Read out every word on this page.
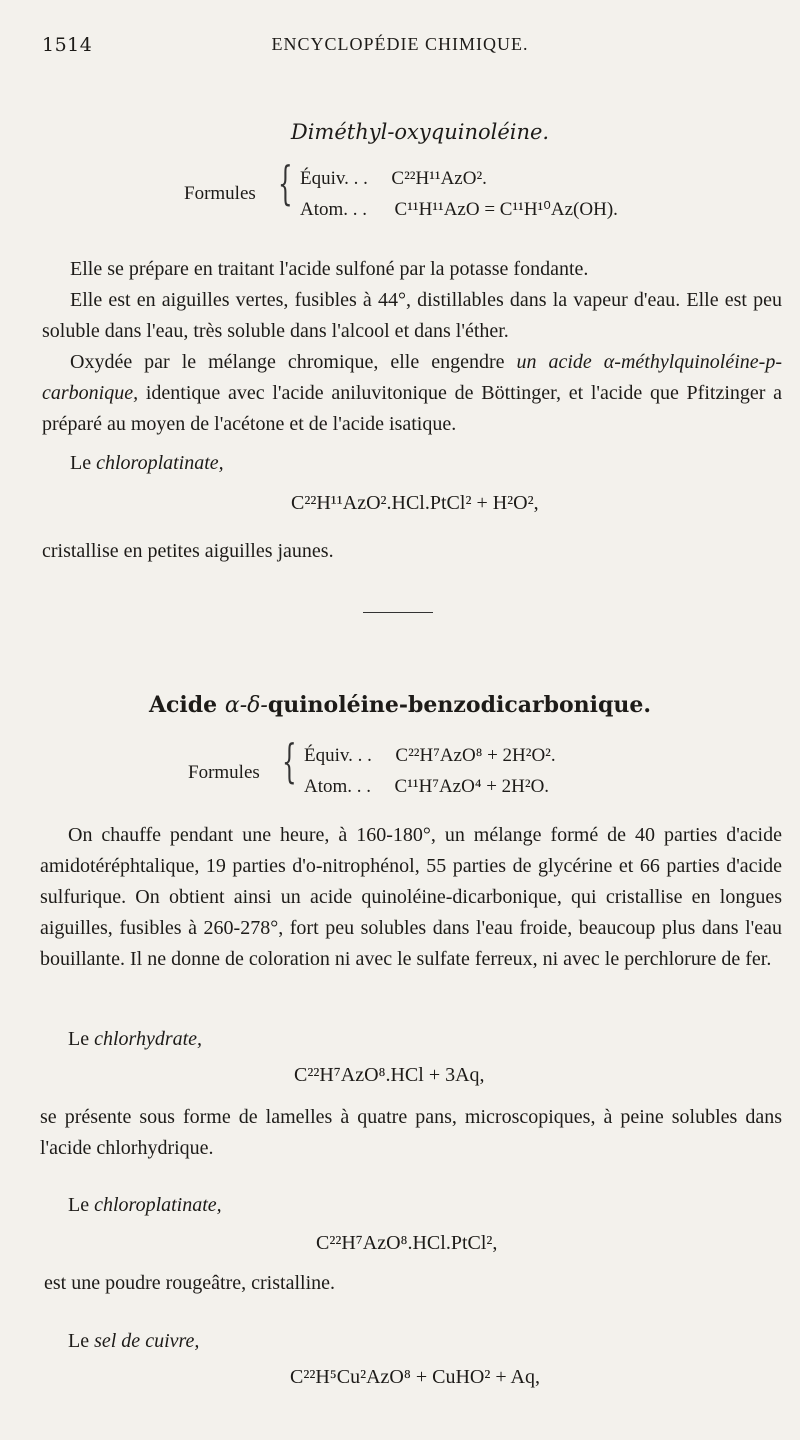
1514	ENCYCLOPÉDIE CHIMIQUE.
Diméthyl-oxyquinoléine.
Formules { Équiv. . . C²²H¹¹AzO².
Atom. . . C¹¹H¹¹AzO = C¹¹H¹⁰Az(OH).
Elle se prépare en traitant l'acide sulfoné par la potasse fondante.
Elle est en aiguilles vertes, fusibles à 44°, distillables dans la vapeur d'eau. Elle est peu soluble dans l'eau, très soluble dans l'alcool et dans l'éther.
Oxydée par le mélange chromique, elle engendre un acide α-méthylquinoléine-p-carbonique, identique avec l'acide aniluvitonique de Böttinger, et l'acide que Pfitzinger a préparé au moyen de l'acétone et de l'acide isatique.
Le chloroplatinate,
C²²H¹¹AzO².HCl.PtCl² + H²O²,
cristallise en petites aiguilles jaunes.
Acide α-δ-quinoléine-benzodicarbonique.
Formules { Équiv. . . C²²H⁷AzO⁸ + 2H²O².
Atom. . . C¹¹H⁷AzO⁴ + 2H²O.
On chauffe pendant une heure, à 160-180°, un mélange formé de 40 parties d'acide amidotéréphtalique, 19 parties d'o-nitrophénol, 55 parties de glycérine et 66 parties d'acide sulfurique. On obtient ainsi un acide quinoléine-dicarbonique, qui cristallise en longues aiguilles, fusibles à 260-278°, fort peu solubles dans l'eau froide, beaucoup plus dans l'eau bouillante. Il ne donne de coloration ni avec le sulfate ferreux, ni avec le perchlorure de fer.
Le chlorhydrate,
C²²H⁷AzO⁸.HCl + 3Aq,
se présente sous forme de lamelles à quatre pans, microscopiques, à peine solubles dans l'acide chlorhydrique.
Le chloroplatinate,
C²²H⁷AzO⁸.HCl.PtCl²,
est une poudre rougeâtre, cristalline.
Le sel de cuivre,
C²²H⁵Cu²AzO⁸ + CuHO² + Aq,
